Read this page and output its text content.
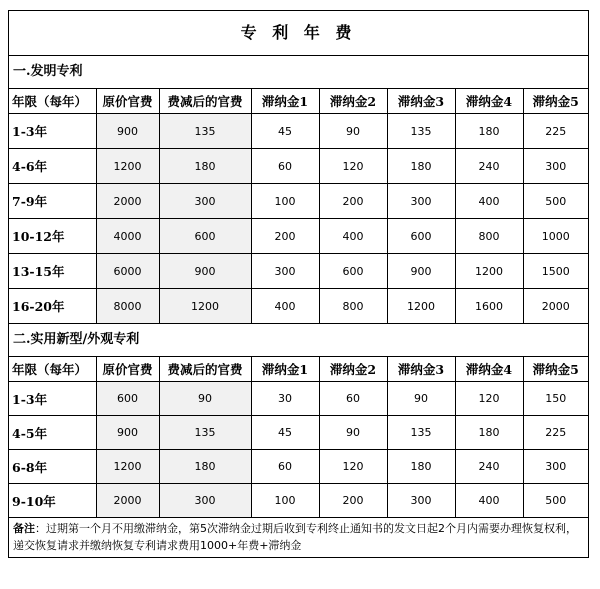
专 利 年 费
一.发明专利
年限（每年）	原价官费	费减后的官费	滞纳金1	滞纳金2	滞纳金3	滞纳金4	滞纳金5
1-3年	900	135	45	90	135	180	225
4-6年	1200	180	60	120	180	240	300
7-9年	2000	300	100	200	300	400	500
10-12年	4000	600	200	400	600	800	1000
13-15年	6000	900	300	600	900	1200	1500
16-20年	8000	1200	400	800	1200	1600	2000
二.实用新型/外观专利
年限（每年）	原价官费	费减后的官费	滞纳金1	滞纳金2	滞纳金3	滞纳金4	滞纳金5
1-3年	600	90	30	60	90	120	150
4-5年	900	135	45	90	135	180	225
6-8年	1200	180	60	120	180	240	300
9-10年	2000	300	100	200	300	400	500
备注：过期第一个月不用缴滞纳金，第5次滞纳金过期后收到专利终止通知书的发文日起2个月内需要办理恢复权利，递交恢复请求并缴纳恢复专利请求费用1000+年费+滞纳金
